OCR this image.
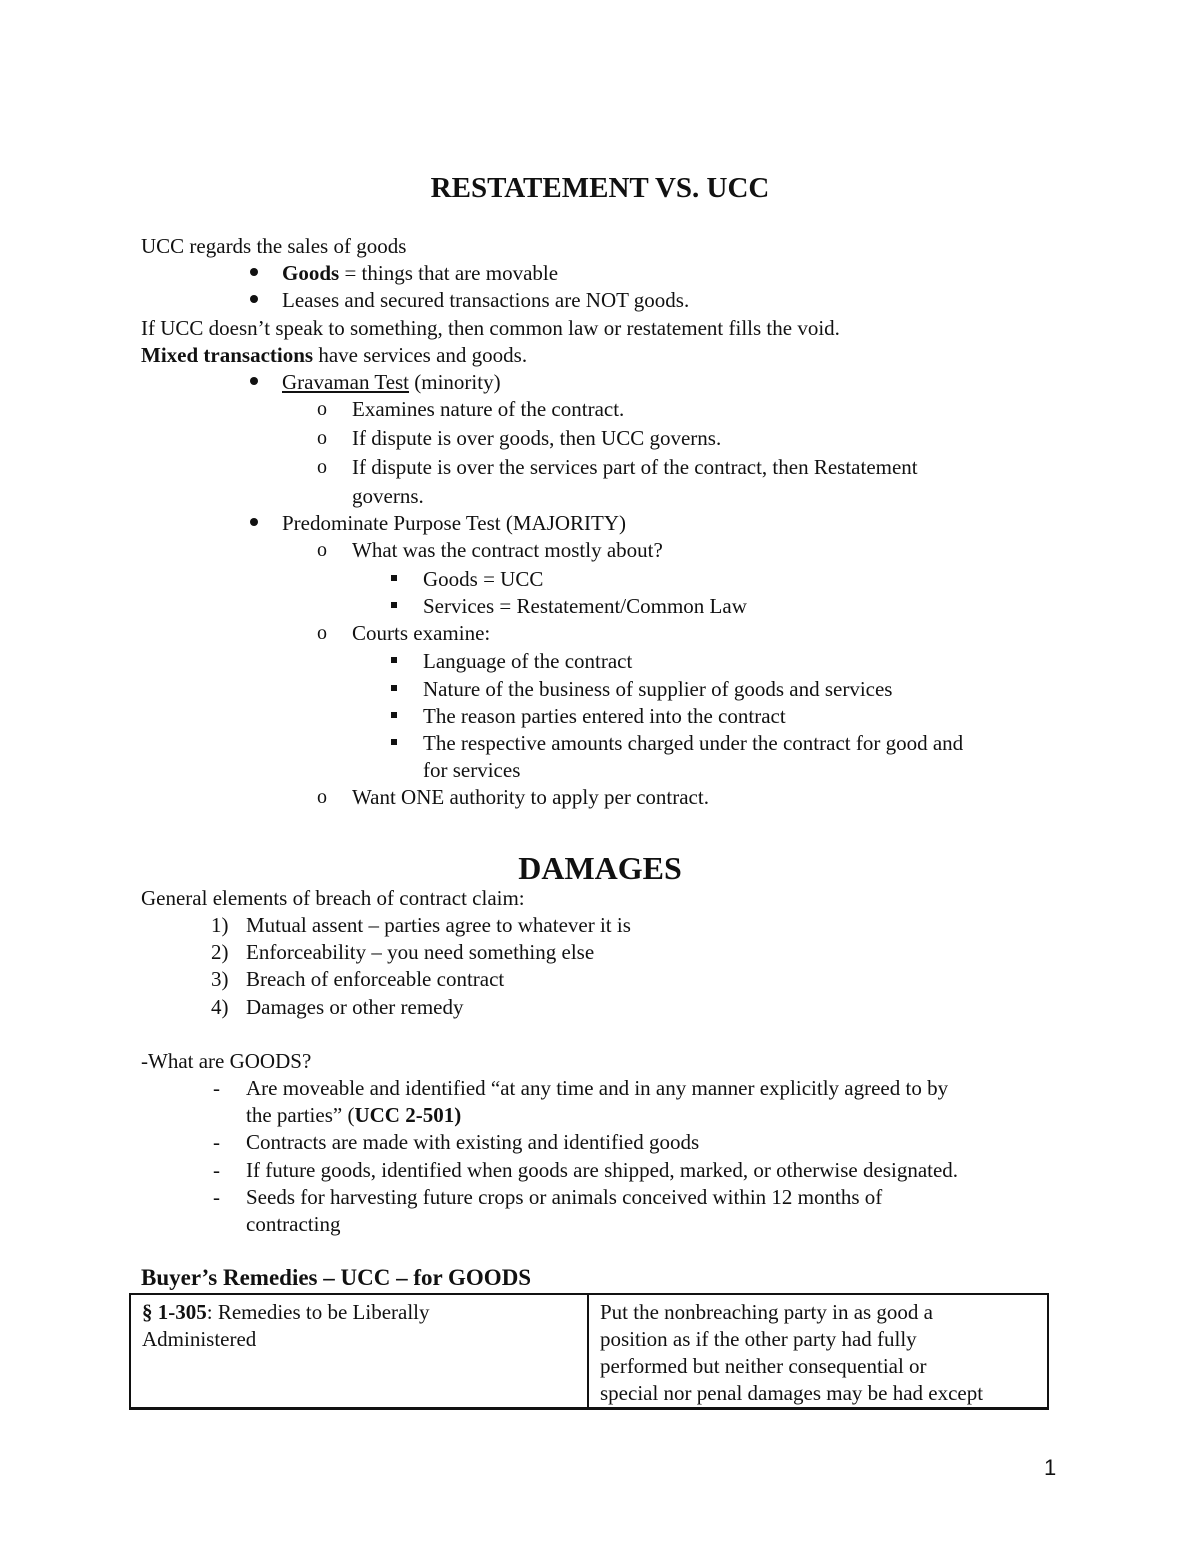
RESTATEMENT VS. UCC
UCC regards the sales of goods
Goods = things that are movable
Leases and secured transactions are NOT goods.
If UCC doesn’t speak to something, then common law or restatement fills the void.
Mixed transactions have services and goods.
Gravaman Test (minority)
o Examines nature of the contract.
o If dispute is over goods, then UCC governs.
o If dispute is over the services part of the contract, then Restatement
governs.
Predominate Purpose Test (MAJORITY)
o What was the contract mostly about?
Goods = UCC
Services = Restatement/Common Law
o Courts examine:
Language of the contract
Nature of the business of supplier of goods and services
The reason parties entered into the contract
The respective amounts charged under the contract for good and
for services
o Want ONE authority to apply per contract.
DAMAGES
General elements of breach of contract claim:
1) Mutual assent – parties agree to whatever it is
2) Enforceability – you need something else
3) Breach of enforceable contract
4) Damages or other remedy
-What are GOODS?
- Are moveable and identified “at any time and in any manner explicitly agreed to by
the parties” (UCC 2-501)
- Contracts are made with existing and identified goods
- If future goods, identified when goods are shipped, marked, or otherwise designated.
- Seeds for harvesting future crops or animals conceived within 12 months of
contracting
Buyer’s Remedies – UCC – for GOODS
§ 1-305: Remedies to be Liberally
Administered

Put the nonbreaching party in as good a
position as if the other party had fully
performed but neither consequential or
special nor penal damages may be had except
1
